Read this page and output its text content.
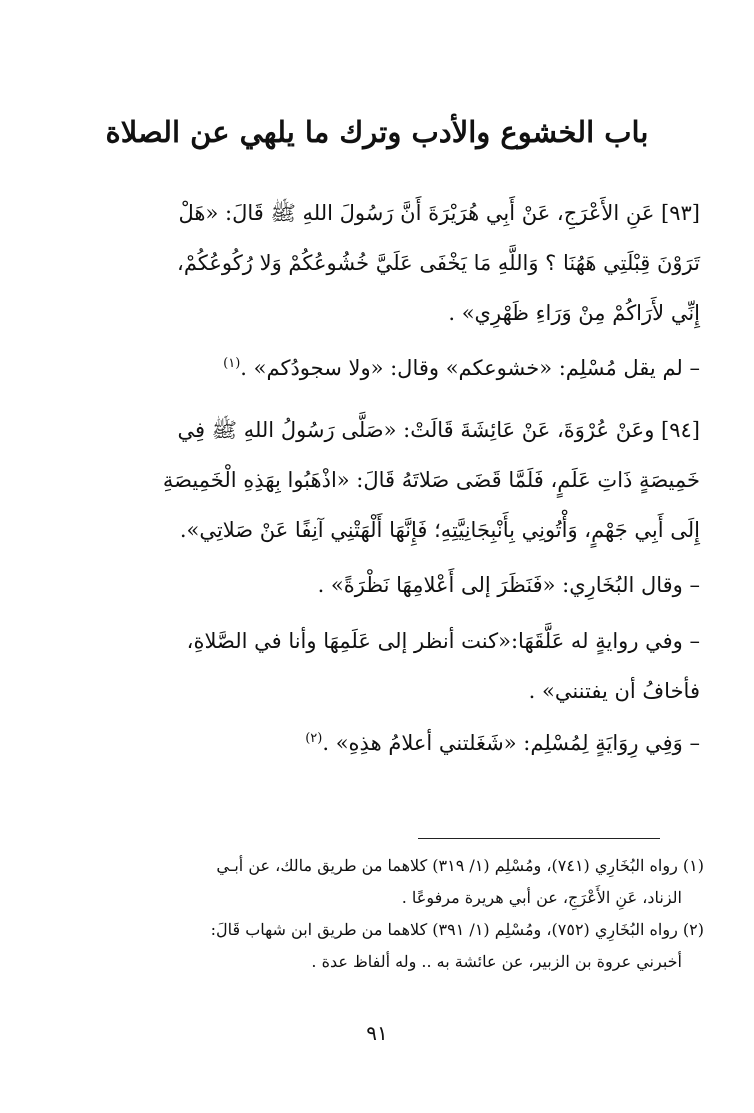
باب الخشوع والأدب وترك ما يلهي عن الصلاة
[٩٣] عَنِ الأَعْرَجِ، عَنْ أَبِي هُرَيْرَةَ أَنَّ رَسُولَ اللهِ ﷺ قَالَ: «هَلْ
تَرَوْنَ قِبْلَتِي هَهُنَا ؟ وَاللَّهِ مَا يَخْفَى عَلَيَّ خُشُوعُكُمْ وَلا رُكُوعُكُمْ،
إِنِّي لأَرَاكُمْ مِنْ وَرَاءِ ظَهْرِي» .
– لم يقل مُسْلِم: «خشوعكم» وقال: «ولا سجودُكم» .$^{(١)}$
[٩٤] وعَنْ عُرْوَةَ، عَنْ عَائِشَةَ قَالَتْ: «صَلَّى رَسُولُ اللهِ ﷺ فِي
خَمِيصَةٍ ذَاتِ عَلَمٍ، فَلَمَّا قَضَى صَلاتَهُ قَالَ: «اذْهَبُوا بِهَذِهِ الْخَمِيصَةِ
إِلَى أَبِي جَهْمٍ، وَأْتُونِي بِأَنْبِجَانِيَّتِهِ؛ فَإِنَّهَا أَلْهَتْنِي آنِفًا عَنْ صَلاتِي».
– وقال البُخَارِي: «فَنَظَرَ إلى أَعْلامِهَا نَظْرَةً» .
– وفي روايةٍ له عَلَّقَهَا:«كنت أنظر إلى عَلَمِهَا وأنا في الصَّلاةِ،
فأخافُ أن يفتنني» .
– وَفِي رِوَايَةٍ لِمُسْلِم: «شَغَلتني أعلامُ هذِهِ» .$^{(٢)}$
(١) رواه البُخَارِي (٧٤١)، ومُسْلِم (١/ ٣١٩) كلاهما من طريق مالك، عن أبـي
الزناد، عَنِ الأَعْرَجِ، عن أبي هريرة مرفوعًا .
(٢) رواه البُخَارِي (٧٥٢)، ومُسْلِم (١/ ٣٩١) كلاهما من طريق ابن شهاب قَالَ:
أخبرني عروة بن الزبير، عن عائشة به .. وله ألفاظ عدة .
٩١
